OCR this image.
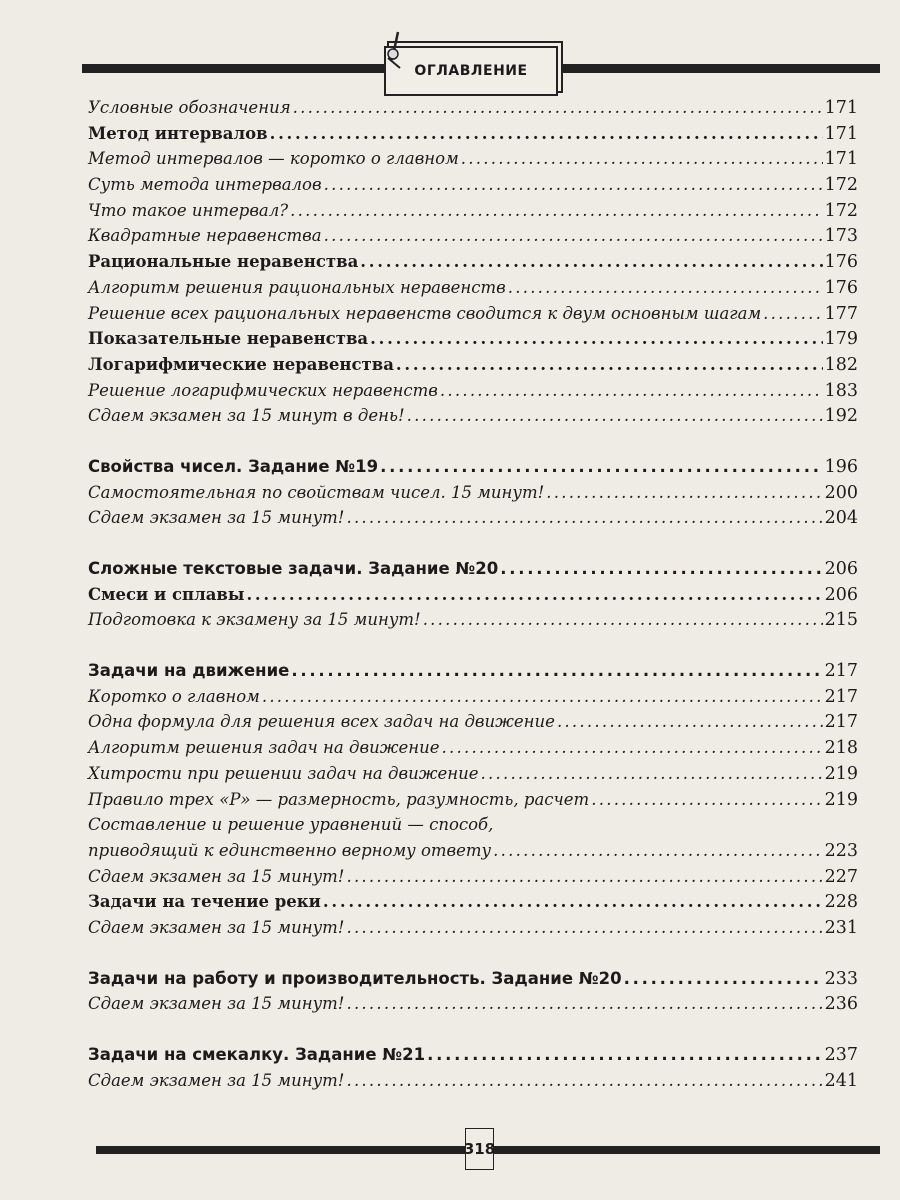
ОГЛАВЛЕНИЕ
Условные обозначения . . .	171
Метод интервалов . . .	171
Метод интервалов — коротко о главном . . .	171
Суть метода интервалов . . .	172
Что такое интервал? . . .	172
Квадратные неравенства . . .	173
Рациональные неравенства . . .	176
Алгоритм решения рациональных неравенств . . .	176
Решение всех рациональных неравенств сводится к двум основным шагам . . .	177
Показательные неравенства . . .	179
Логарифмические неравенства . . .	182
Решение логарифмических неравенств . . .	183
Сдаем экзамен за 15 минут в день! . . .	192
Свойства чисел. Задание №19 . . .	196
Самостоятельная по свойствам чисел. 15 минут! . . .	200
Сдаем экзамен за 15 минут! . . .	204
Сложные текстовые задачи. Задание №20 . . .	206
Смеси и сплавы . . .	206
Подготовка к экзамену за 15 минут! . . .	215
Задачи на движение . . .	217
Коротко о главном . . .	217
Одна формула для решения всех задач на движение . . .	217
Алгоритм решения задач на движение . . .	218
Хитрости при решении задач на движение . . .	219
Правило трех «Р» — размерность, разумность, расчет . . .	219
Составление и решение уравнений — способ,
приводящий к единственно верному ответу . . .	223
Сдаем экзамен за 15 минут! . . .	227
Задачи на течение реки . . .	228
Сдаем экзамен за 15 минут! . . .	231
Задачи на работу и производительность. Задание №20 . . .	233
Сдаем экзамен за 15 минут! . . .	236
Задачи на смекалку. Задание №21 . . .	237
Сдаем экзамен за 15 минут! . . .	241
318
